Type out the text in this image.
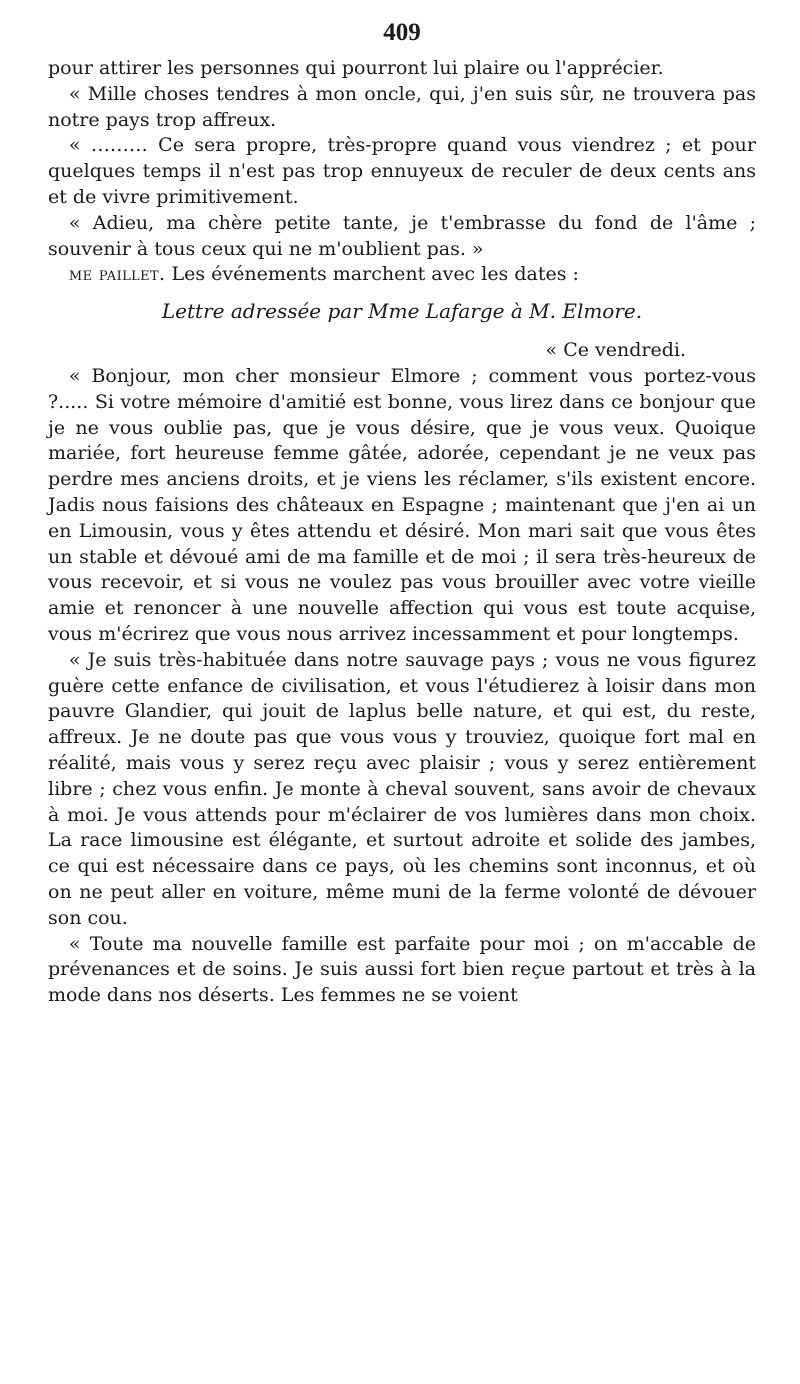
409

pour attirer les personnes qui pourront lui plaire ou l'apprécier.

« Mille choses tendres à mon oncle, qui, j'en suis sûr, ne trouvera pas notre pays trop affreux.

« ……… Ce sera propre, très-propre quand vous viendrez ; et pour quelques temps il n'est pas trop ennuyeux de reculer de deux cents ans et de vivre primitivement.

« Adieu, ma chère petite tante, je t'embrasse du fond de l'âme ; souvenir à tous ceux qui ne m'oublient pas. »

me paillet. Les événements marchent avec les dates :

Lettre adressée par Mme Lafarge à M. Elmore.

« Ce vendredi.

« Bonjour, mon cher monsieur Elmore ; comment vous portez-vous ?..... Si votre mémoire d'amitié est bonne, vous lirez dans ce bonjour que je ne vous oublie pas, que je vous désire, que je vous veux. Quoique mariée, fort heureuse femme gâtée, adorée, cependant je ne veux pas perdre mes anciens droits, et je viens les réclamer, s'ils existent encore. Jadis nous faisions des châteaux en Espagne ; maintenant que j'en ai un en Limousin, vous y êtes attendu et désiré. Mon mari sait que vous êtes un stable et dévoué ami de ma famille et de moi ; il sera très-heureux de vous recevoir, et si vous ne voulez pas vous brouiller avec votre vieille amie et renoncer à une nouvelle affection qui vous est toute acquise, vous m'écrirez que vous nous arrivez incessamment et pour longtemps.

« Je suis très-habituée dans notre sauvage pays ; vous ne vous figurez guère cette enfance de civilisation, et vous l'étudierez à loisir dans mon pauvre Glandier, qui jouit de laplus belle nature, et qui est, du reste, affreux. Je ne doute pas que vous vous y trouviez, quoique fort mal en réalité, mais vous y serez reçu avec plaisir ; vous y serez entièrement libre ; chez vous enfin. Je monte à cheval souvent, sans avoir de chevaux à moi. Je vous attends pour m'éclairer de vos lumières dans mon choix. La race limousine est élégante, et surtout adroite et solide des jambes, ce qui est nécessaire dans ce pays, où les chemins sont inconnus, et où on ne peut aller en voiture, même muni de la ferme volonté de dévouer son cou.

« Toute ma nouvelle famille est parfaite pour moi ; on m'accable de prévenances et de soins. Je suis aussi fort bien reçue partout et très à la mode dans nos déserts. Les femmes ne se voient
